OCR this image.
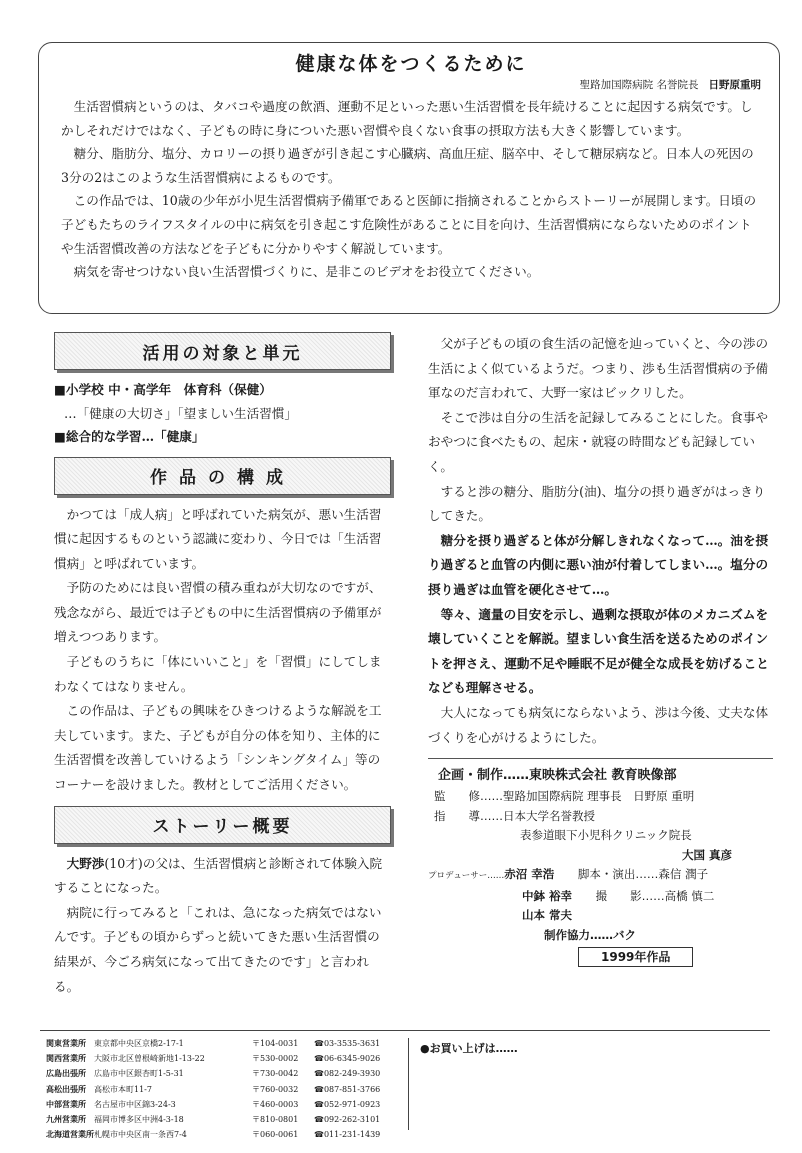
健康な体をつくるために
聖路加国際病院 名誉院長 日野原重明

生活習慣病というのは、タバコや過度の飲酒、運動不足といった悪い生活習慣を長年続けることに起因する病気です。しかしそれだけではなく、子どもの時に身についた悪い習慣や良くない食事の摂取方法も大きく影響しています。

糖分、脂肪分、塩分、カロリーの摂り過ぎが引き起こす心臓病、高血圧症、脳卒中、そして糖尿病など。日本人の死因の3分の2はこのような生活習慣病によるものです。

この作品では、10歳の少年が小児生活習慣病予備軍であると医師に指摘されることからストーリーが展開します。日頃の子どもたちのライフスタイルの中に病気を引き起こす危険性があることに目を向け、生活習慣病にならないためのポイントや生活習慣改善の方法などを子どもに分かりやすく解説しています。

病気を寄せつけない良い生活習慣づくりに、是非このビデオをお役立てください。

活用の対象と単元
■小学校 中・高学年　体育科（保健）
…「健康の大切さ」「望ましい生活習慣」
■総合的な学習…「健康」
作品の構成

かつては「成人病」と呼ばれていた病気が、悪い生活習慣に起因するものという認識に変わり、今日では「生活習慣病」と呼ばれています。

予防のためには良い習慣の積み重ねが大切なのですが、残念ながら、最近では子どもの中に生活習慣病の予備軍が増えつつあります。

子どものうちに「体にいいこと」を「習慣」にしてしまわなくてはなりません。

この作品は、子どもの興味をひきつけるような解説を工夫しています。また、子どもが自分の体を知り、主体的に生活習慣を改善していけるよう「シンキングタイム」等のコーナーを設けました。教材としてご活用ください。

ストーリー概要

大野渉(10才)の父は、生活習慣病と診断されて体験入院することになった。

病院に行ってみると「これは、急になった病気ではないんです。子どもの頃からずっと続いてきた悪い生活習慣の結果が、今ごろ病気になって出てきたのです」と言われる。

父が子どもの頃の食生活の記憶を辿っていくと、今の渉の生活によく似ているようだ。つまり、渉も生活習慣病の予備軍なのだ言われて、大野一家はビックリした。

そこで渉は自分の生活を記録してみることにした。食事やおやつに食べたもの、起床・就寝の時間なども記録していく。

すると渉の糖分、脂肪分(油)、塩分の摂り過ぎがはっきりしてきた。

糖分を摂り過ぎると体が分解しきれなくなって…。油を摂り過ぎると血管の内側に悪い油が付着してしまい…。塩分の摂り過ぎは血管を硬化させて…。

等々、適量の目安を示し、過剰な摂取が体のメカニズムを壊していくことを解説。望ましい食生活を送るためのポイントを押さえ、運動不足や睡眠不足が健全な成長を妨げることなども理解させる。

大人になっても病気にならないよう、渉は今後、丈夫な体づくりを心がけるようにした。

企画・制作……東映株式会社 教育映像部
監　　修……聖路加国際病院 理事長　日野原 重明
指　　導……日本大学名誉教授
表参道眼下小児科クリニック院長
大国 真彦
プロデューサー……赤沼 幸浩 脚本・演出……森信 潤子
中鉢 裕幸 撮　　影……高橋 慎二
山本 常夫
制作協力……バク
1999年作品
関東営業所	東京都中央区京橋2-17-1	〒104-0031	☎03-3535-3631
関西営業所	大阪市北区曽根崎新地1-13-22	〒530-0002	☎06-6345-9026
広島出張所	広島市中区銀杏町1-5-31	〒730-0042	☎082-249-3930
高松出張所	高松市本町11-7	〒760-0032	☎087-851-3766
中部営業所	名古屋市中区錦3-24-3	〒460-0003	☎052-971-0923
九州営業所	福岡市博多区中洲4-3-18	〒810-0801	☎092-262-3101
北海道営業所 札幌市中央区南一条西7-4	〒060-0061	☎011-231-1439
●お買い上げは……
